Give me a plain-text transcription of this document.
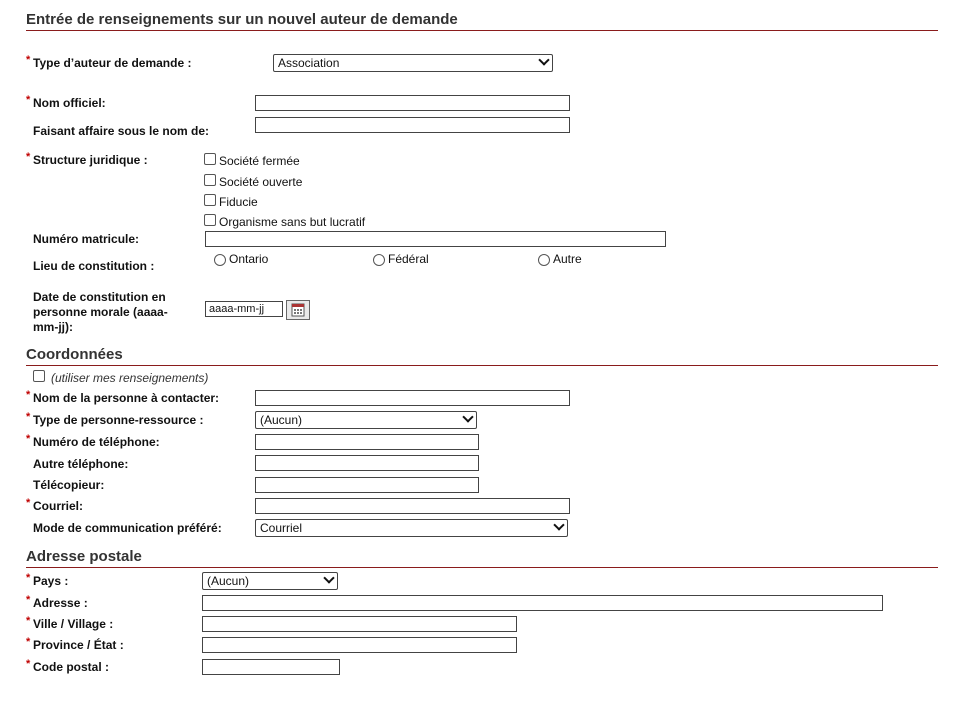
Entrée de renseignements sur un nouvel auteur de demande
* Type d’auteur de demande :	Association
* Nom officiel:
Faisant affaire sous le nom de:
* Structure juridique :	Société fermée
Société ouverte
Fiducie
Organisme sans but lucratif
Numéro matricule:
Lieu de constitution :	Ontario	Fédéral	Autre
Date de constitution en personne morale (aaaa-mm-jj):
aaaa-mm-jj
Coordonnées
(utiliser mes renseignements)
* Nom de la personne à contacter:
* Type de personne-ressource :	(Aucun)
* Numéro de téléphone:
Autre téléphone:
Télécopieur:
* Courriel:
Mode de communication préféré:	Courriel
Adresse postale
* Pays :	(Aucun)
* Adresse :
* Ville / Village :
* Province / État :
* Code postal :
